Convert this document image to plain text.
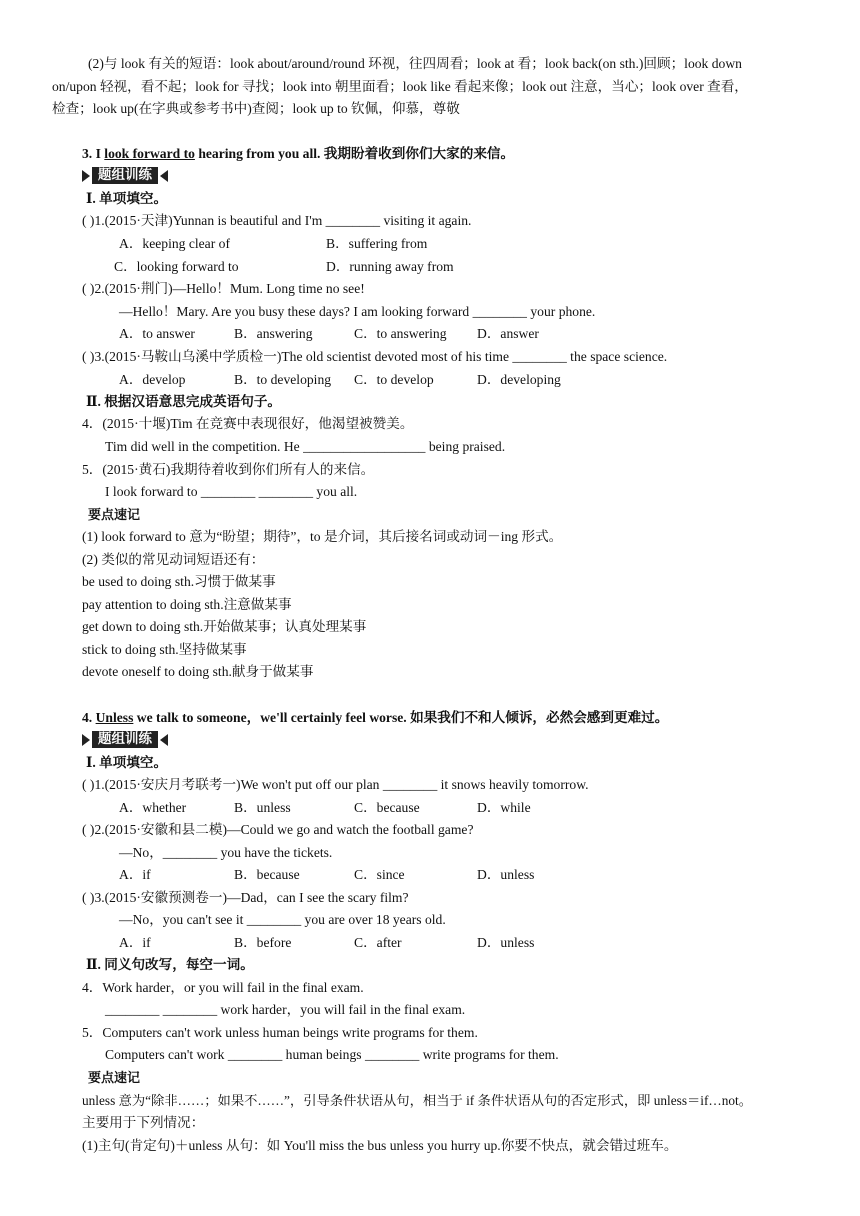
(2)与 look 有关的短语：look about/around/round 环视，往四周看；look at 看；look back(on sth.)回顾；look down
on/upon 轻视，看不起；look for 寻找；look into 朝里面看；look like 看起来像；look out 注意，当心；look over 查看，
检查；look up(在字典或参考书中)查阅；look up to 钦佩，仰慕，尊敬
3. I look forward to hearing from you all. 我期盼着收到你们大家的来信。
题组训练
Ⅰ. 单项填空。
( )1.(2015·天津)Yunnan is beautiful and I'm ________ visiting it again.
A．keeping clear of	B．suffering from
C．looking forward to	D．running away from
( )2.(2015·荆门)—Hello！Mum. Long time no see!
—Hello！Mary. Are you busy these days? I am looking forward ________ your phone.
A．to answer	B．answering	C．to answering D．answer
( )3.(2015·马鞍山乌溪中学质检一)The old scientist devoted most of his time ________ the space science.
A．develop	B．to developing C．to develop	D．developing
Ⅱ. 根据汉语意思完成英语句子。
4．(2015·十堰)Tim 在竞赛中表现很好，他渴望被赞美。
Tim did well in the competition. He __________________ being praised.
5．(2015·黄石)我期待着收到你们所有人的来信。
I look forward to ________ ________ you all.
要点速记
(1) look forward to 意为“盼望；期待”，to 是介词，其后接名词或动词－ing 形式。
(2) 类似的常见动词短语还有：
be used to doing sth.习惯于做某事
pay attention to doing sth.注意做某事
get down to doing sth.开始做某事；认真处理某事
stick to doing sth.坚持做某事
devote oneself to doing sth.献身于做某事
4. Unless we talk to someone，we'll certainly feel worse. 如果我们不和人倾诉，必然会感到更难过。
题组训练
Ⅰ. 单项填空。
( )1.(2015·安庆月考联考一)We won't put off our plan ________ it snows heavily tomorrow.
A．whether	B．unless	C．because	D．while
( )2.(2015·安徽和县二模)—Could we go and watch the football game?
—No，________ you have the tickets.
A．if	B．because	C．since	D．unless
( )3.(2015·安徽预测卷一)—Dad，can I see the scary film?
—No，you can't see it ________ you are over 18 years old.
A．if	B．before	C．after	D．unless
Ⅱ. 同义句改写，每空一词。
4．Work harder，or you will fail in the final exam.
________ ________ work harder，you will fail in the final exam.
5．Computers can't work unless human beings write programs for them.
Computers can't work ________ human beings ________ write programs for them.
要点速记
unless 意为“除非……；如果不……”，引导条件状语从句，相当于 if 条件状语从句的否定形式，即 unless＝if…not。
主要用于下列情况：
(1)主句(肯定句)＋unless 从句：如 You'll miss the bus unless you hurry up.你要不快点，就会错过班车。
